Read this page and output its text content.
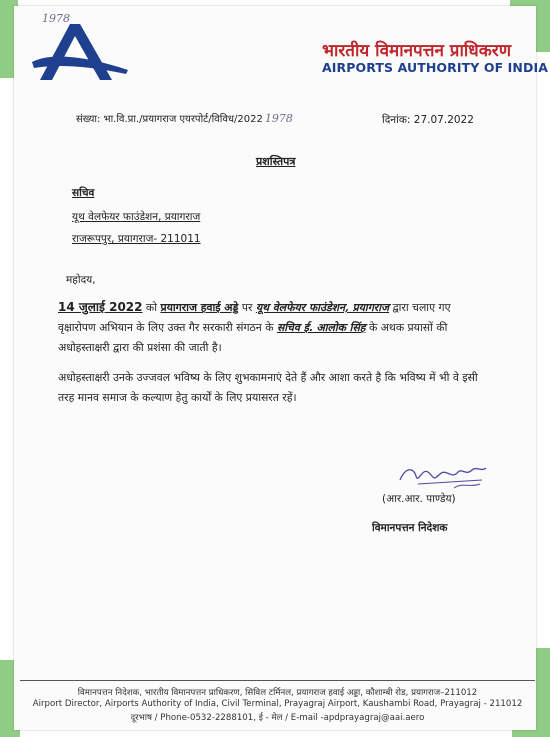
1978
भारतीय विमानपत्तन प्राधिकरण
AIRPORTS AUTHORITY OF INDIA
संख्या: भा.वि.प्रा./प्रयागराज एयरपोर्ट/विविध/2022 1978	दिनांक: 27.07.2022
प्रशस्तिपत्र
सचिव
यूथ वेलफेयर फाउंडेशन, प्रयागराज
राजरूपपुर, प्रयागराज- 211011
महोदय,
14 जुलाई 2022 को प्रयागराज हवाई अड्डे पर यूथ वेलफेयर फाउंडेशन, प्रयागराज द्वारा चलाए गए वृक्षारोपण अभियान के लिए उक्त गैर सरकारी संगठन के सचिव ई. आलोक सिंह के अथक प्रयासों की अधोहस्ताक्षरी द्वारा की प्रशंसा की जाती है।
अधोहस्ताक्षरी उनके उज्जवल भविष्य के लिए शुभकामनाएं देते हैं और आशा करते है कि भविष्य में भी वे इसी तरह मानव समाज के कल्याण हेतु कार्यों के लिए प्रयासरत रहें।
(आर.आर. पाण्डेय)
विमानपत्तन निदेशक
विमानपत्तन निदेशक, भारतीय विमानपत्तन प्राधिकरण, सिविल टर्मिनल, प्रयागराज हवाई अड्डा, कौशाम्बी रोड, प्रयागराज–211012
Airport Director, Airports Authority of India, Civil Terminal, Prayagraj Airport, Kaushambi Road, Prayagraj - 211012
दूरभाष / Phone-0532-2288101, ई - मेल / E-mail -apdprayagraj@aai.aero
